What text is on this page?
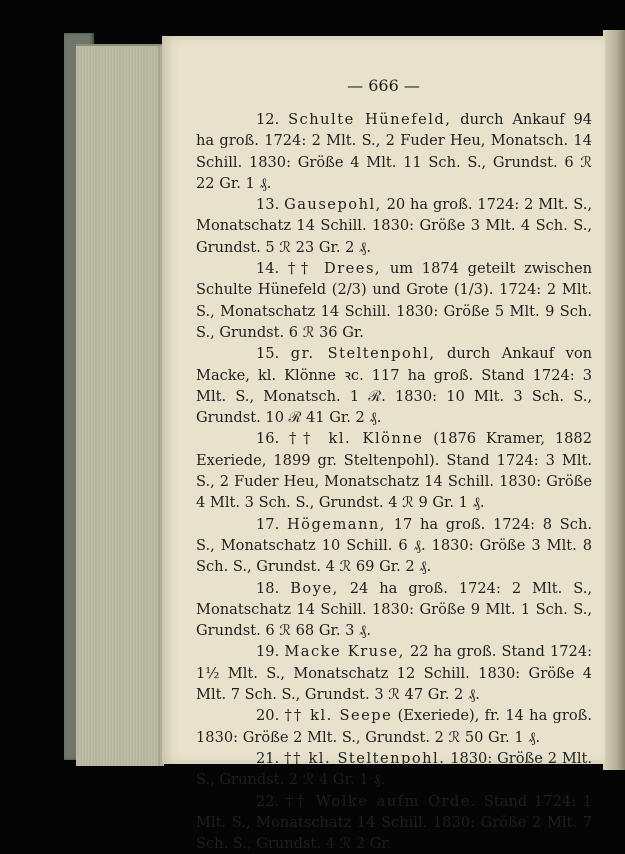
— 666 —

12. Schulte Hünefeld, durch Ankauf 94 ha groß. 1724: 2 Mlt. S., 2 Fuder Heu, Monatsch. 14 Schill. 1830: Größe 4 Mlt. 11 Sch. S., Grundst. 6 ℛ 22 Gr. 1 ₰.

13. Gausepohl, 20 ha groß. 1724: 2 Mlt. S., Monatschatz 14 Schill. 1830: Größe 3 Mlt. 4 Sch. S., Grundst. 5 ℛ 23 Gr. 2 ₰.

14. †† Drees, um 1874 geteilt zwischen Schulte Hünefeld (2/3) und Grote (1/3). 1724: 2 Mlt. S., Monatschatz 14 Schill. 1830: Größe 5 Mlt. 9 Sch. S., Grundst. 6 ℛ 36 Gr.

15. gr. Steltenpohl, durch Ankauf von Macke, kl. Klönne ꝛc. 117 ha groß. Stand 1724: 3 Mlt. S., Monatsch. 1 ℛ. 1830: 10 Mlt. 3 Sch. S., Grundst. 10 ℛ 41 Gr. 2 ₰.

16. †† kl. Klönne (1876 Kramer, 1882 Exeriede, 1899 gr. Steltenpohl). Stand 1724: 3 Mlt. S., 2 Fuder Heu, Monatschatz 14 Schill. 1830: Größe 4 Mlt. 3 Sch. S., Grundst. 4 ℛ 9 Gr. 1 ₰.

17. Högemann, 17 ha groß. 1724: 8 Sch. S., Monatschatz 10 Schill. 6 ₰. 1830: Größe 3 Mlt. 8 Sch. S., Grundst. 4 ℛ 69 Gr. 2 ₰.

18. Boye, 24 ha groß. 1724: 2 Mlt. S., Monatschatz 14 Schill. 1830: Größe 9 Mlt. 1 Sch. S., Grundst. 6 ℛ 68 Gr. 3 ₰.

19. Macke Kruse, 22 ha groß. Stand 1724: 1½ Mlt. S., Monatschatz 12 Schill. 1830: Größe 4 Mlt. 7 Sch. S., Grundst. 3 ℛ 47 Gr. 2 ₰.

20. †† kl. Seepe (Exeriede), fr. 14 ha groß. 1830: Größe 2 Mlt. S., Grundst. 2 ℛ 50 Gr. 1 ₰.

21. †† kl. Steltenpohl. 1830: Größe 2 Mlt. S., Grundst. 2 ℛ 4 Gr. 1 ₰.

22. †† Wolke aufm Orde. Stand 1724: 1 Mlt. S., Monatschatz 14 Schill. 1830: Größe 2 Mlt. 7 Sch. S., Grundst. 4 ℛ 2 Gr.
